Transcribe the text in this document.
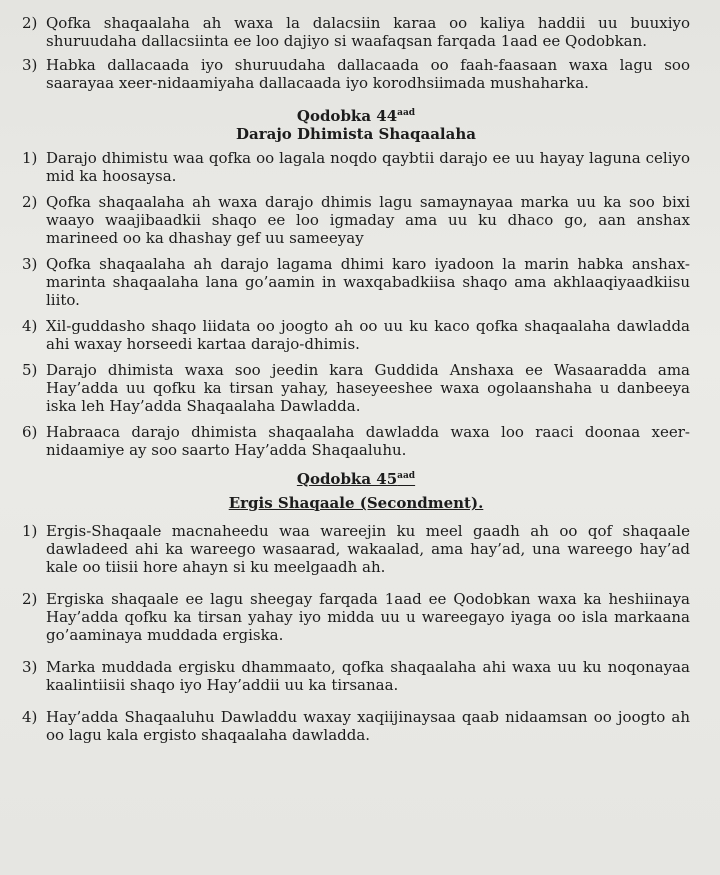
2) Qofka shaqaalaha ah waxa la dalacsiin karaa oo kaliya haddii uu buuxiyo shuruudaha dallacsiinta ee loo dajiyo si waafaqsan farqada 1aad ee Qodobkan.
3) Habka dallacaada iyo shuruudaha dallacaada oo faah-faasaan waxa lagu soo saarayaa xeer-nidaamiyaha dallacaada iyo korodhsiimada mushaharka.

Qodobka $44^{aad}$

Darajo Dhimista Shaqaalaha

1) Darajo dhimistu waa qofka oo lagala noqdo qaybtii darajo ee uu hayay laguna celiyo mid ka hoosaysa.
2) Qofka shaqaalaha ah waxa darajo dhimis lagu samaynayaa marka uu ka soo bixi waayo waajibaadkii shaqo ee loo igmaday ama uu ku dhaco go, aan anshax marineed oo ka dhashay gef uu sameeyay
3) Qofka shaqaalaha ah darajo lagama dhimi karo iyadoon la marin habka anshax-marinta shaqaalaha lana go’aamin in waxqabadkiisa shaqo ama akhlaaqiyaadkiisu liito.
4) Xil-guddasho shaqo liidata oo joogto ah oo uu ku kaco qofka shaqaalaha dawladda ahi waxay horseedi kartaa darajo-dhimis.
5) Darajo dhimista waxa soo jeedin kara Guddida Anshaxa ee Wasaaradda ama Hay’adda uu qofku ka tirsan yahay, haseyeeshee waxa ogolaanshaha u danbeeya iska leh Hay’adda Shaqaalaha Dawladda.
6) Habraaca darajo dhimista shaqaalaha dawladda waxa loo raaci doonaa xeer-nidaamiye ay soo saarto Hay’adda Shaqaaluhu.

Qodobka $45^{aad}$

Ergis Shaqaale (Secondment).

1) Ergis-Shaqaale macnaheedu waa wareejin ku meel gaadh ah oo qof shaqaale dawladeed ahi ka wareego wasaarad, wakaalad, ama hay’ad, una wareego hay’ad kale oo tiisii hore ahayn si ku meelgaadh ah.
2) Ergiska shaqaale ee lagu sheegay farqada 1aad ee Qodobkan waxa ka heshiinaya Hay’adda qofku ka tirsan yahay iyo midda uu u wareegayo iyaga oo isla markaana go’aaminaya muddada ergiska.
3) Marka muddada ergisku dhammaato, qofka shaqaalaha ahi waxa uu ku noqonayaa kaalintiisii shaqo iyo Hay’addii uu ka tirsanaa.
4) Hay’adda Shaqaaluhu Dawladdu waxay xaqiijinaysaa qaab nidaamsan oo joogto ah oo lagu kala ergisto shaqaalaha dawladda.
